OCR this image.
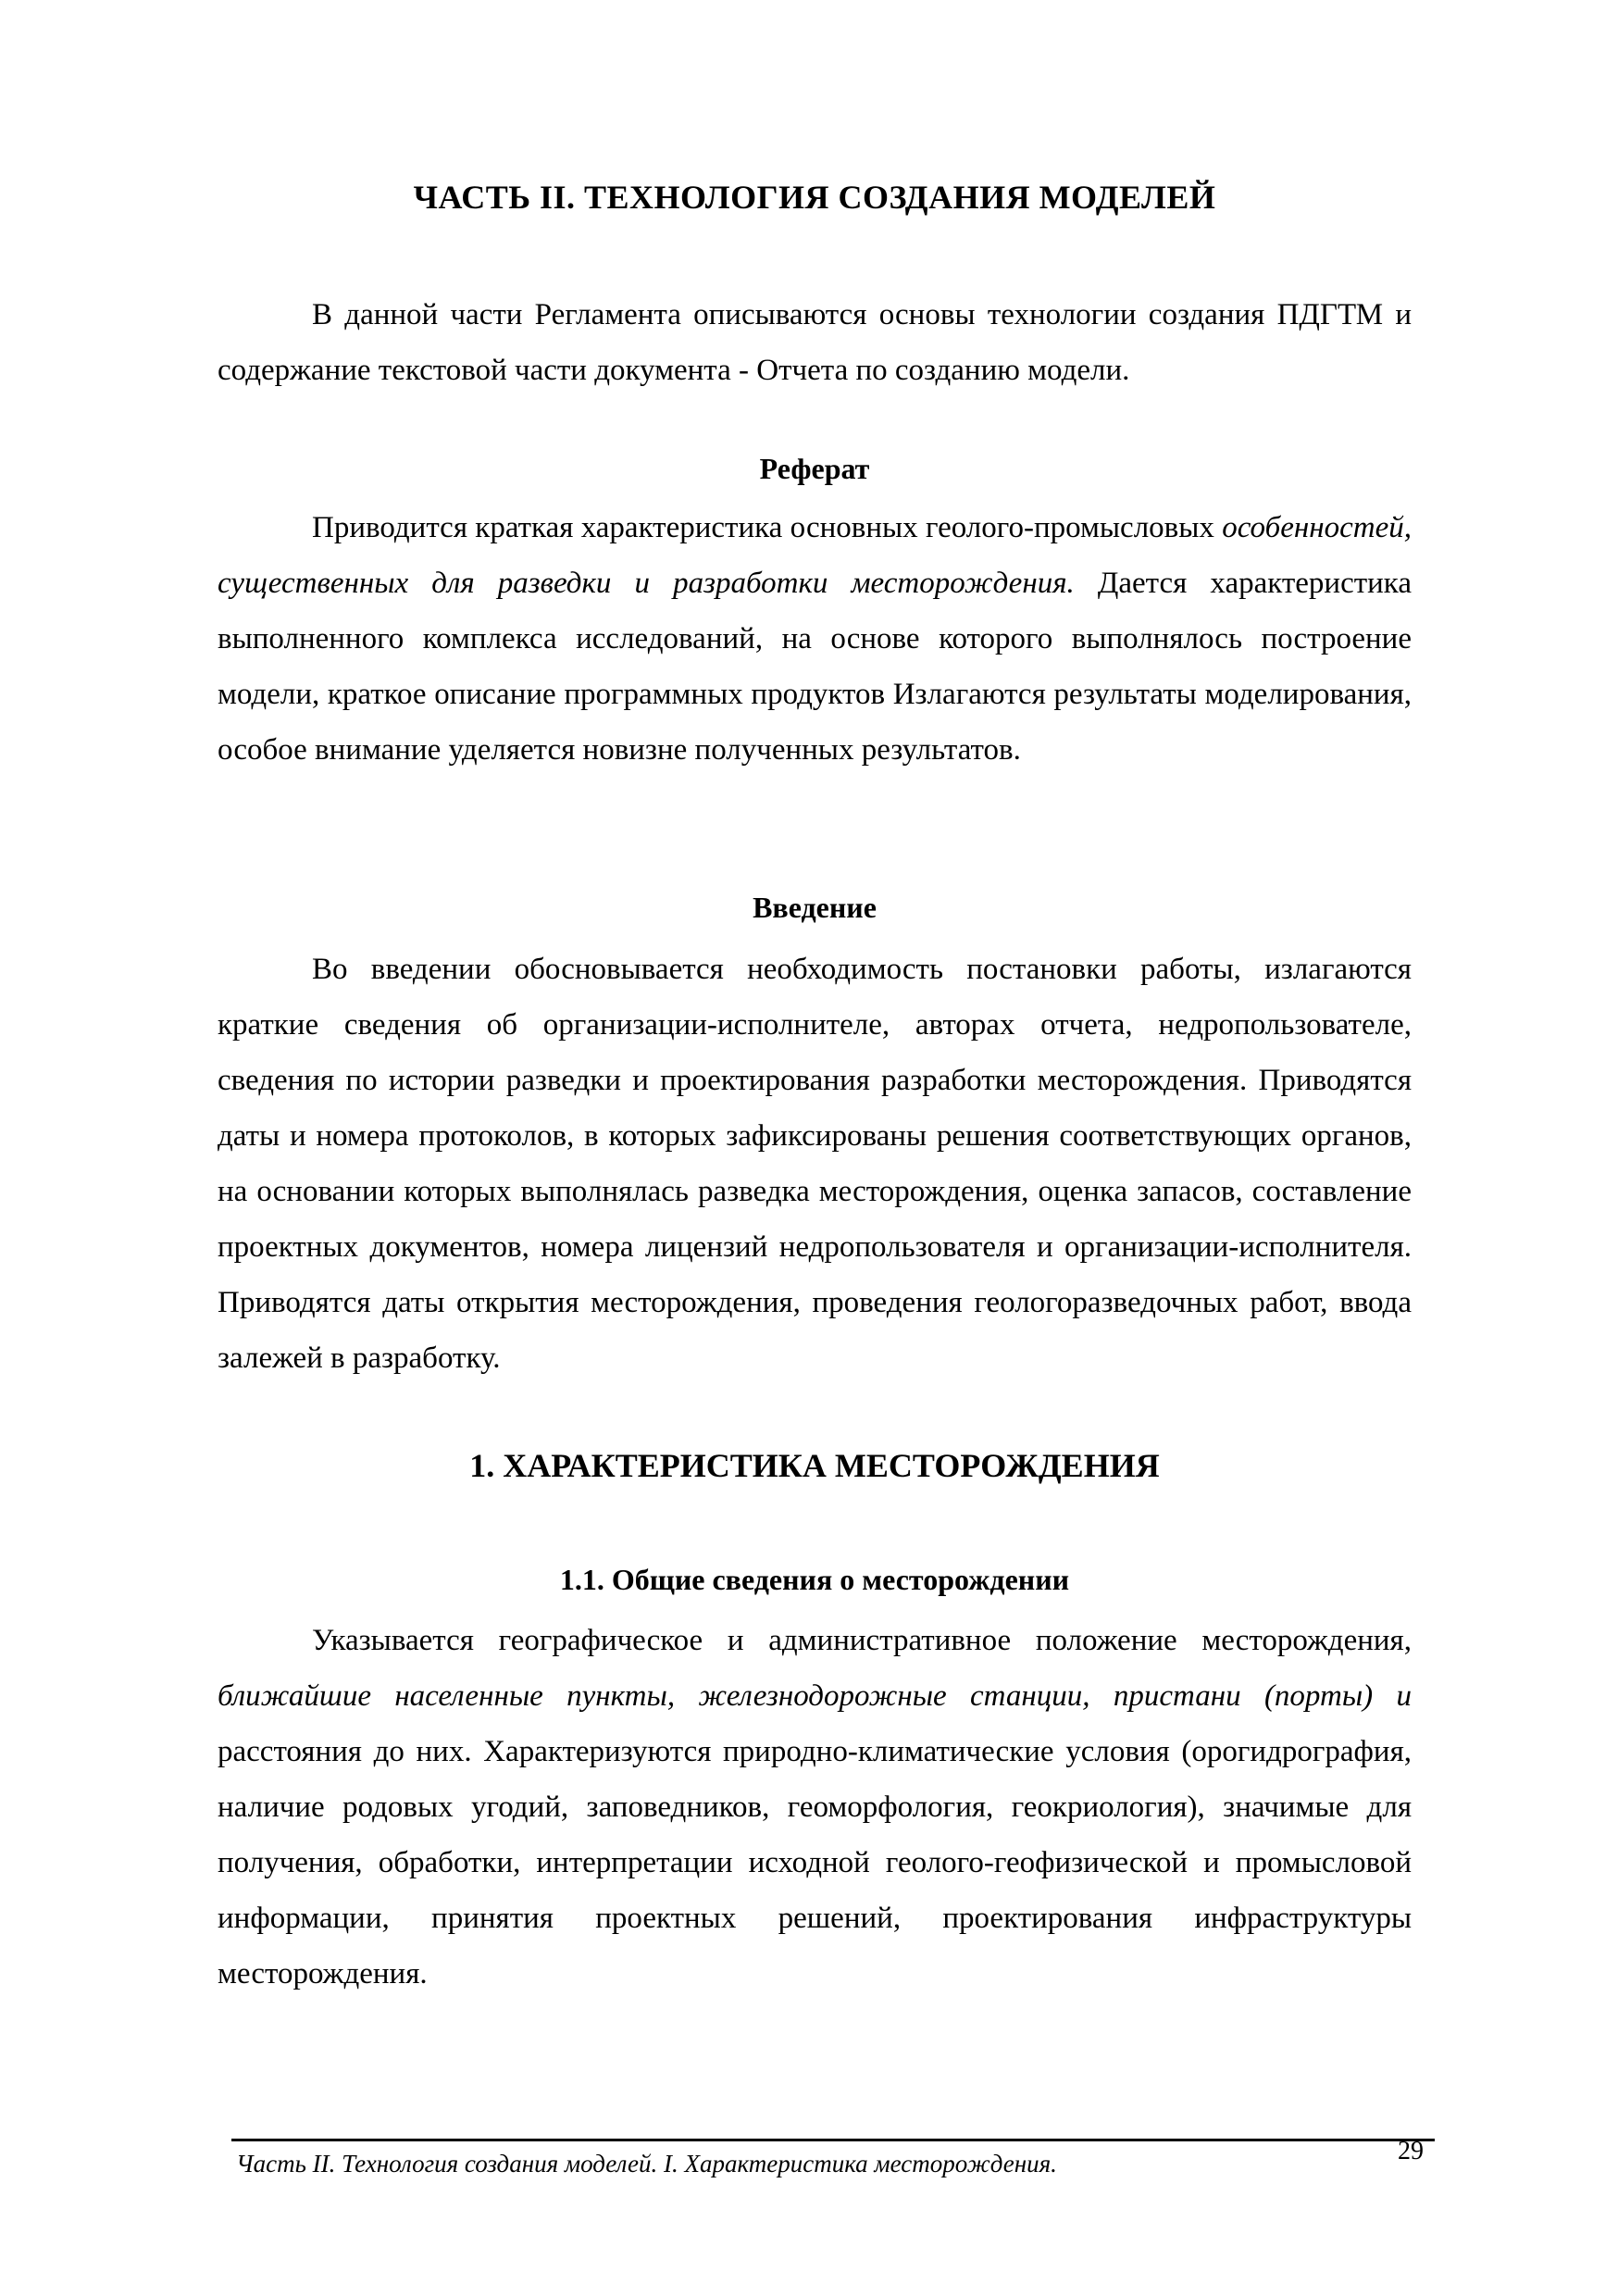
ЧАСТЬ II. ТЕХНОЛОГИЯ СОЗДАНИЯ МОДЕЛЕЙ

В данной части Регламента описываются основы технологии создания ПДГТМ и содержание текстовой части документа - Отчета по созданию модели.

Реферат

Приводится краткая характеристика основных геолого-промысловых особенностей, существенных для разведки и разработки месторождения. Дается характеристика выполненного комплекса исследований, на основе которого выполнялось построение модели, краткое описание программных продуктов Излагаются результаты моделирования, особое внимание уделяется новизне полученных результатов.

Введение

Во введении обосновывается необходимость постановки работы, излагаются краткие сведения об организации-исполнителе, авторах отчета, недропользователе, сведения по истории разведки и проектирования разработки месторождения. Приводятся даты и номера протоколов, в которых зафиксированы решения соответствующих органов, на основании которых выполнялась разведка месторождения, оценка запасов, составление проектных документов, номера лицензий недропользователя и организации-исполнителя. Приводятся даты открытия месторождения, проведения геологоразведочных работ, ввода залежей в разработку.

1. ХАРАКТЕРИСТИКА МЕСТОРОЖДЕНИЯ
1.1. Общие сведения о месторождении

Указывается географическое и административное положение месторождения, ближайшие населенные пункты, железнодорожные станции, пристани (порты) и расстояния до них. Характеризуются природно-климатические условия (орогидрография, наличие родовых угодий, заповедников, геоморфология, геокриология), значимые для получения, обработки, интерпретации исходной геолого-геофизической и промысловой информации, принятия проектных решений, проектирования инфраструктуры месторождения.

Часть II. Технология создания моделей. I. Характеристика месторождения.	29
